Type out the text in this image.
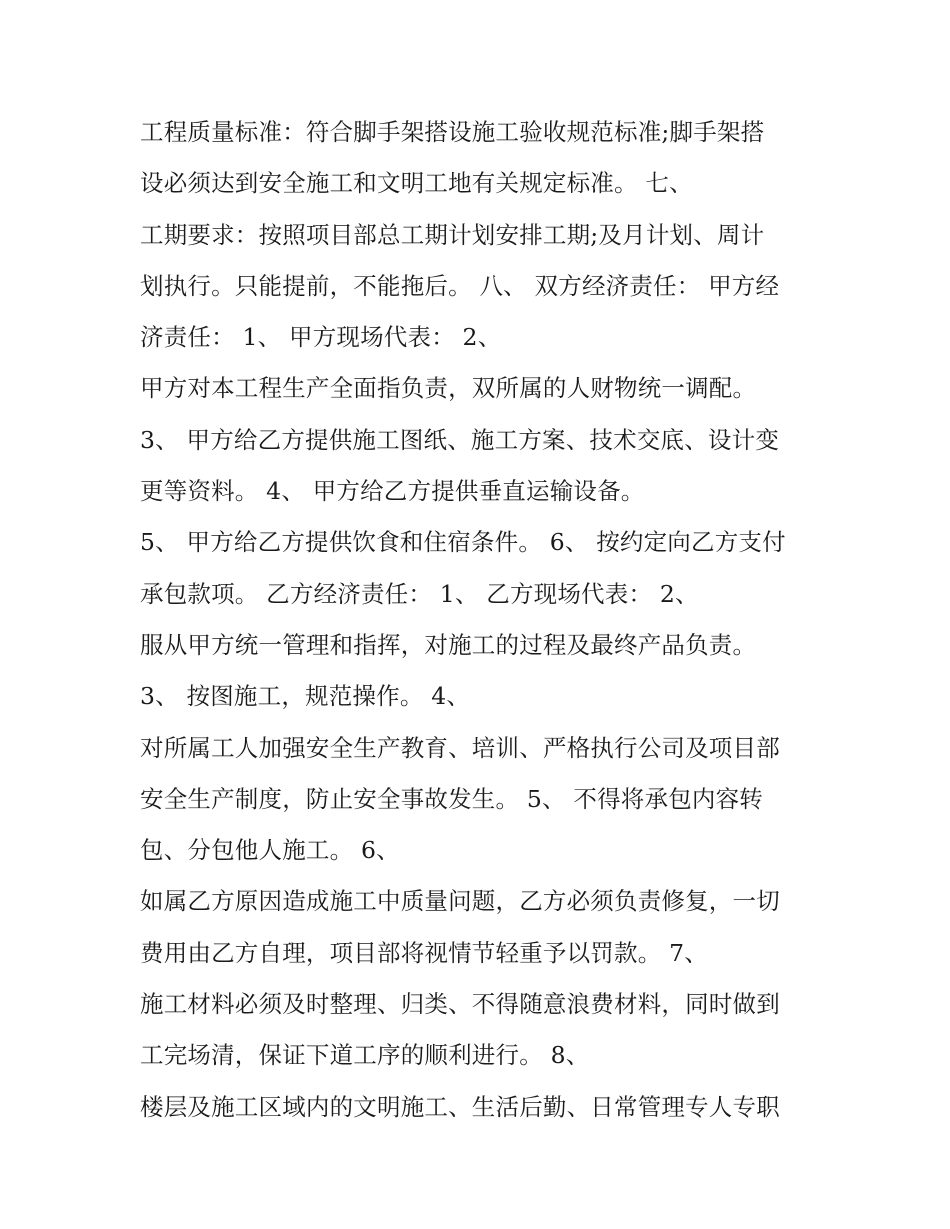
工程质量标准：符合脚手架搭设施工验收规范标准;脚手架搭
设必须达到安全施工和文明工地有关规定标准。 七、
工期要求：按照项目部总工期计划安排工期;及月计划、周计
划执行。只能提前，不能拖后。 八、 双方经济责任： 甲方经
济责任： 1、 甲方现场代表： 2、
甲方对本工程生产全面指负责，双所属的人财物统一调配。
3、 甲方给乙方提供施工图纸、施工方案、技术交底、设计变
更等资料。 4、 甲方给乙方提供垂直运输设备。
5、 甲方给乙方提供饮食和住宿条件。 6、 按约定向乙方支付
承包款项。 乙方经济责任： 1、 乙方现场代表： 2、
服从甲方统一管理和指挥，对施工的过程及最终产品负责。
3、 按图施工，规范操作。 4、
对所属工人加强安全生产教育、培训、严格执行公司及项目部
安全生产制度，防止安全事故发生。 5、 不得将承包内容转
包、分包他人施工。 6、
如属乙方原因造成施工中质量问题，乙方必须负责修复，一切
费用由乙方自理，项目部将视情节轻重予以罚款。 7、
施工材料必须及时整理、归类、不得随意浪费材料，同时做到
工完场清，保证下道工序的顺利进行。 8、
楼层及施工区域内的文明施工、生活后勤、日常管理专人专职
